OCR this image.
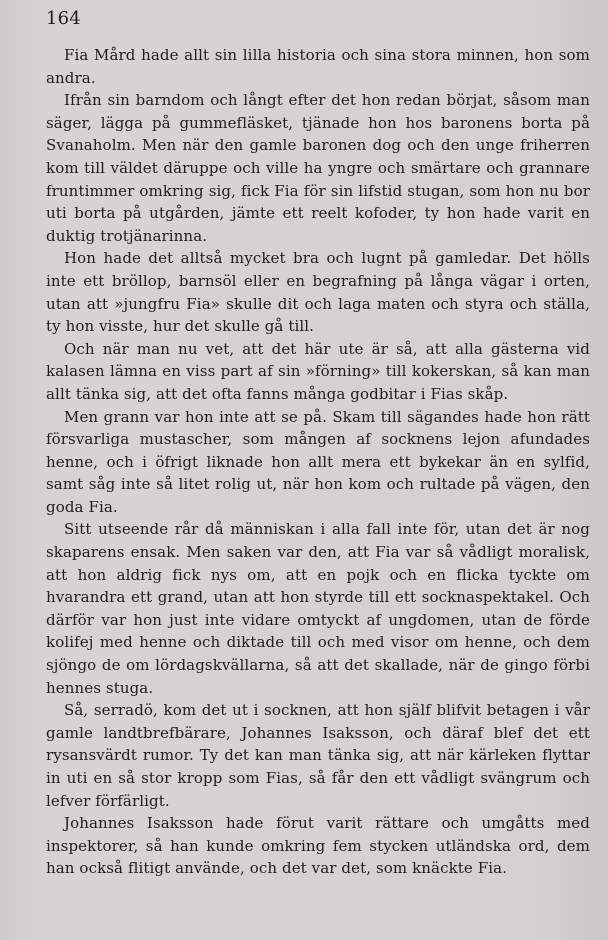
164

Fia Mård hade allt sin lilla historia och sina stora minnen, hon som andra.

Ifrån sin barndom och långt efter det hon redan börjat, såsom man säger, lägga på gummefläsket, tjänade hon hos baronens borta på Svanaholm. Men när den gamle baronen dog och den unge friherren kom till väldet däruppe och ville ha yngre och smärtare och grannare fruntimmer omkring sig, fick Fia för sin lifstid stugan, som hon nu bor uti borta på utgården, jämte ett reelt kofoder, ty hon hade varit en duktig trotjänarinna.

Hon hade det alltså mycket bra och lugnt på gamledar. Det hölls inte ett bröllop, barnsöl eller en begrafning på långa vägar i orten, utan att »jungfru Fia» skulle dit och laga maten och styra och ställa, ty hon visste, hur det skulle gå till.

Och när man nu vet, att det här ute är så, att alla gästerna vid kalasen lämna en viss part af sin »förning» till kokerskan, så kan man allt tänka sig, att det ofta fanns många godbitar i Fias skåp.

Men grann var hon inte att se på. Skam till sägandes hade hon rätt försvarliga mustascher, som mången af socknens lejon afundades henne, och i öfrigt liknade hon allt mera ett bykekar än en sylfid, samt såg inte så litet rolig ut, när hon kom och rultade på vägen, den goda Fia.

Sitt utseende rår då människan i alla fall inte för, utan det är nog skaparens ensak. Men saken var den, att Fia var så vådligt moralisk, att hon aldrig fick nys om, att en pojk och en flicka tyckte om hvarandra ett grand, utan att hon styrde till ett socknaspektakel. Och därför var hon just inte vidare omtyckt af ungdomen, utan de förde kolifej med henne och diktade till och med visor om henne, och dem sjöngo de om lördagskvällarna, så att det skallade, när de gingo förbi hennes stuga.

Så, serradö, kom det ut i socknen, att hon själf blifvit betagen i vår gamle landtbrefbärare, Johannes Isaksson, och däraf blef det ett rysansvärdt rumor. Ty det kan man tänka sig, att när kärleken flyttar in uti en så stor kropp som Fias, så får den ett vådligt svängrum och lefver förfärligt.

Johannes Isaksson hade förut varit rättare och umgåtts med inspektorer, så han kunde omkring fem stycken utländska ord, dem han också flitigt använde, och det var det, som knäckte Fia.
